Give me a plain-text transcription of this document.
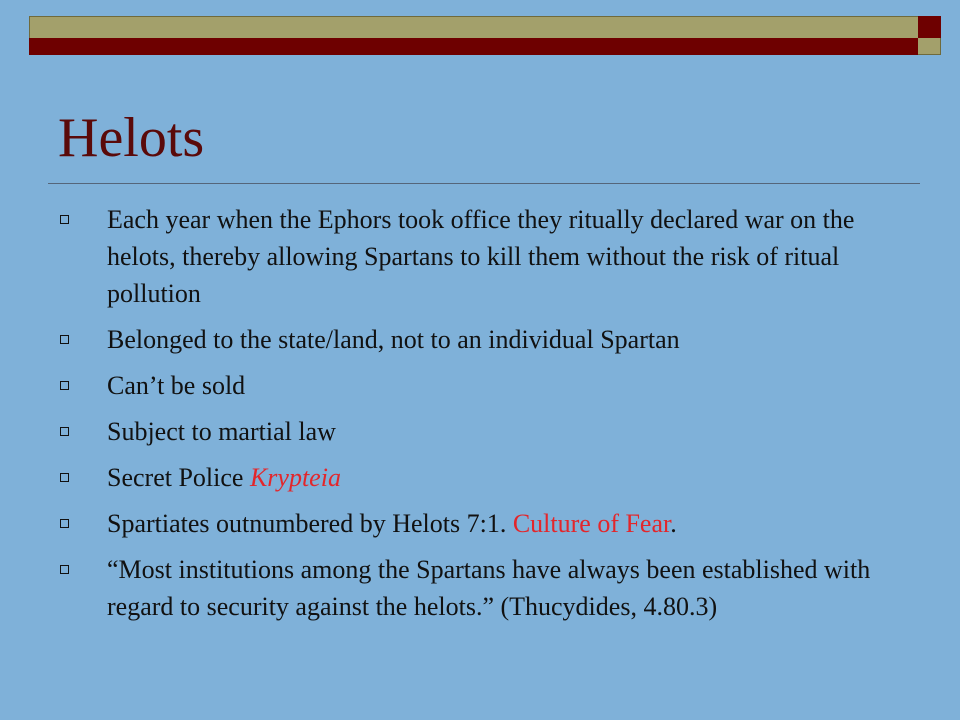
Helots
Each year when the Ephors took office they ritually declared war on the helots, thereby allowing Spartans to kill them without the risk of ritual pollution
Belonged to the state/land, not to an individual Spartan
Can’t be sold
Subject to martial law
Secret Police Krypteia
Spartiates outnumbered by Helots 7:1. Culture of Fear.
“Most institutions among the Spartans have always been established with regard to security against the helots.” (Thucydides, 4.80.3)
